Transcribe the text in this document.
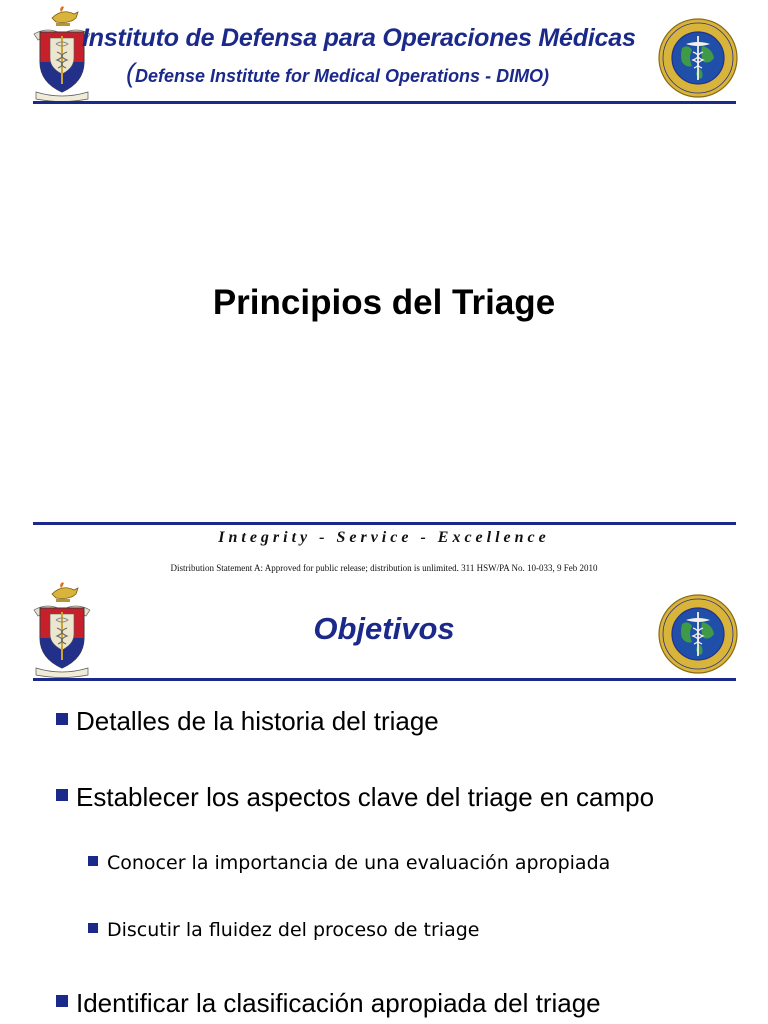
Instituto de Defensa para Operaciones Médicas
(Defense Institute for Medical Operations - DIMO)
Principios del Triage
Integrity - Service - Excellence
Distribution Statement A: Approved for public release; distribution is unlimited. 311 HSW/PA No. 10-033, 9 Feb 2010
Objetivos
Detalles de la historia del triage
Establecer los aspectos clave del triage en campo
Conocer la importancia de una evaluación apropiada
Discutir la fluidez del proceso de triage
Identificar la clasificación apropiada del triage
